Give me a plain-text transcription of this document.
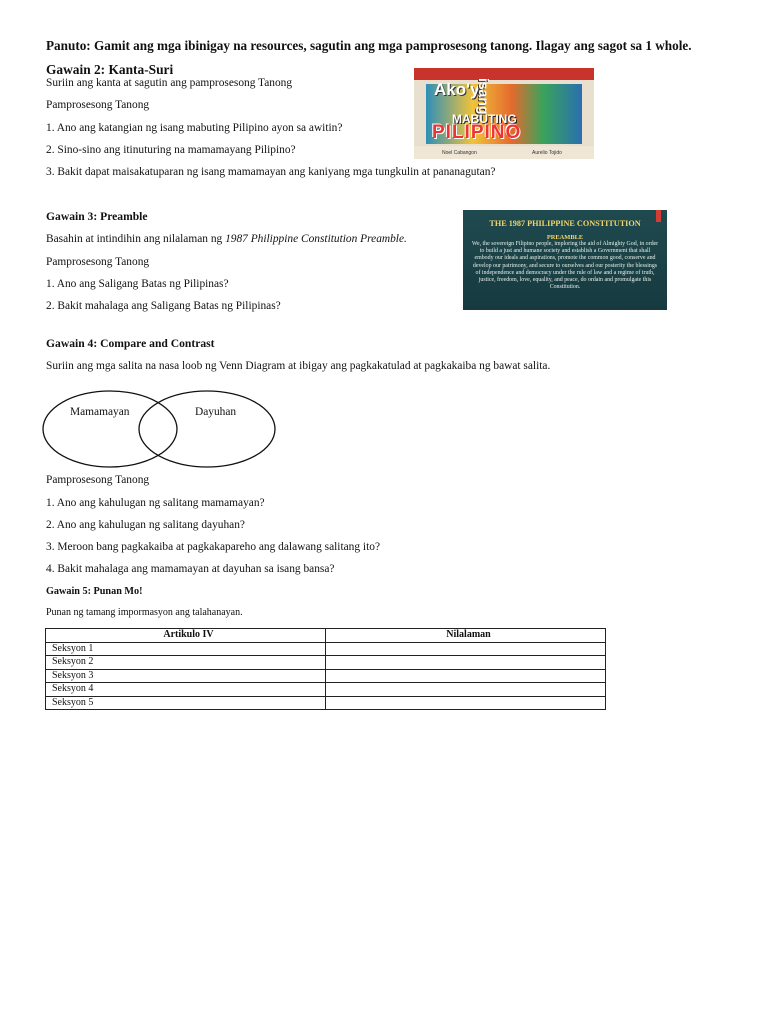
Panuto: Gamit ang mga ibinigay na resources, sagutin ang mga pamprosesong tanong. Ilagay ang sagot sa 1 whole.
Gawain 2: Kanta-Suri
Suriin ang kanta at sagutin ang pamprosesong Tanong
Pamprosesong Tanong
1. Ano ang katangian ng isang mabuting Pilipino ayon sa awitin?
2. Sino-sino ang itinuturing na mamamayang Pilipino?
3. Bakit dapat maisakatuparan ng isang mamamayan ang kaniyang mga tungkulin at pananagutan?
Ako'y
isang
MABUTING
PILIPINO
Noel Cabangon	Aurelio Tojido
Gawain 3: Preamble
Basahin at intindihin ang nilalaman ng 1987 Philippine Constitution Preamble.
Pamprosesong Tanong
1. Ano ang Saligang Batas ng Pilipinas?
2. Bakit mahalaga ang Saligang Batas ng Pilipinas?
THE 1987 PHILIPPINE CONSTITUTION
PREAMBLE
We, the sovereign Filipino people, imploring the aid of Almighty God, in order to build a just and humane society and establish a Government that shall embody our ideals and aspirations, promote the common good, conserve and develop our patrimony, and secure to ourselves and our posterity the blessings of independence and democracy under the rule of law and a regime of truth, justice, freedom, love, equality, and peace, do ordain and promulgate this Constitution.
Gawain 4: Compare and Contrast
Suriin ang mga salita na nasa loob ng Venn Diagram at ibigay ang pagkakatulad at pagkakaiba ng bawat salita.
Mamamayan	Dayuhan
Pamprosesong Tanong
1. Ano ang kahulugan ng salitang mamamayan?
2. Ano ang kahulugan ng salitang dayuhan?
3. Meroon bang pagkakaiba at pagkakapareho ang dalawang salitang ito?
4. Bakit mahalaga ang mamamayan at dayuhan sa isang bansa?
Gawain 5: Punan Mo!
Punan ng tamang impormasyon ang talahanayan.
Artikulo IV	Nilalaman
Seksyon 1	
Seksyon 2	
Seksyon 3	
Seksyon 4	
Seksyon 5	
